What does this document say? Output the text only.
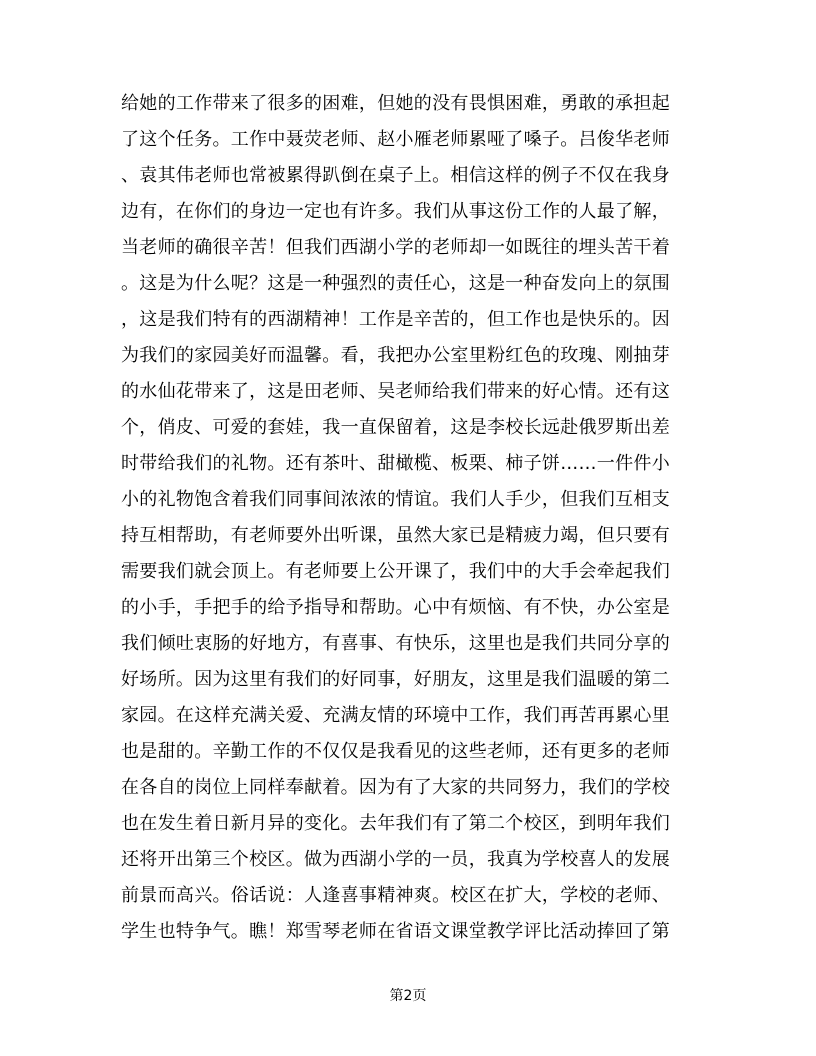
给她的工作带来了很多的困难，但她的没有畏惧困难，勇敢的承担起
了这个任务。工作中聂荧老师、赵小雁老师累哑了嗓子。吕俊华老师
、袁其伟老师也常被累得趴倒在桌子上。相信这样的例子不仅在我身
边有，在你们的身边一定也有许多。我们从事这份工作的人最了解，
当老师的确很辛苦！但我们西湖小学的老师却一如既往的埋头苦干着
。这是为什么呢？这是一种强烈的责任心，这是一种奋发向上的氛围
，这是我们特有的西湖精神！工作是辛苦的，但工作也是快乐的。因
为我们的家园美好而温馨。看，我把办公室里粉红色的玫瑰、刚抽芽
的水仙花带来了，这是田老师、吴老师给我们带来的好心情。还有这
个，俏皮、可爱的套娃，我一直保留着，这是李校长远赴俄罗斯出差
时带给我们的礼物。还有茶叶、甜橄榄、板栗、柿子饼……一件件小
小的礼物饱含着我们同事间浓浓的情谊。我们人手少，但我们互相支
持互相帮助，有老师要外出听课，虽然大家已是精疲力竭，但只要有
需要我们就会顶上。有老师要上公开课了，我们中的大手会牵起我们
的小手，手把手的给予指导和帮助。心中有烦恼、有不快，办公室是
我们倾吐衷肠的好地方，有喜事、有快乐，这里也是我们共同分享的
好场所。因为这里有我们的好同事，好朋友，这里是我们温暖的第二
家园。在这样充满关爱、充满友情的环境中工作，我们再苦再累心里
也是甜的。辛勤工作的不仅仅是我看见的这些老师，还有更多的老师
在各自的岗位上同样奉献着。因为有了大家的共同努力，我们的学校
也在发生着日新月异的变化。去年我们有了第二个校区，到明年我们
还将开出第三个校区。做为西湖小学的一员，我真为学校喜人的发展
前景而高兴。俗话说：人逢喜事精神爽。校区在扩大，学校的老师、
学生也特争气。瞧！郑雪琴老师在省语文课堂教学评比活动捧回了第
第2页
